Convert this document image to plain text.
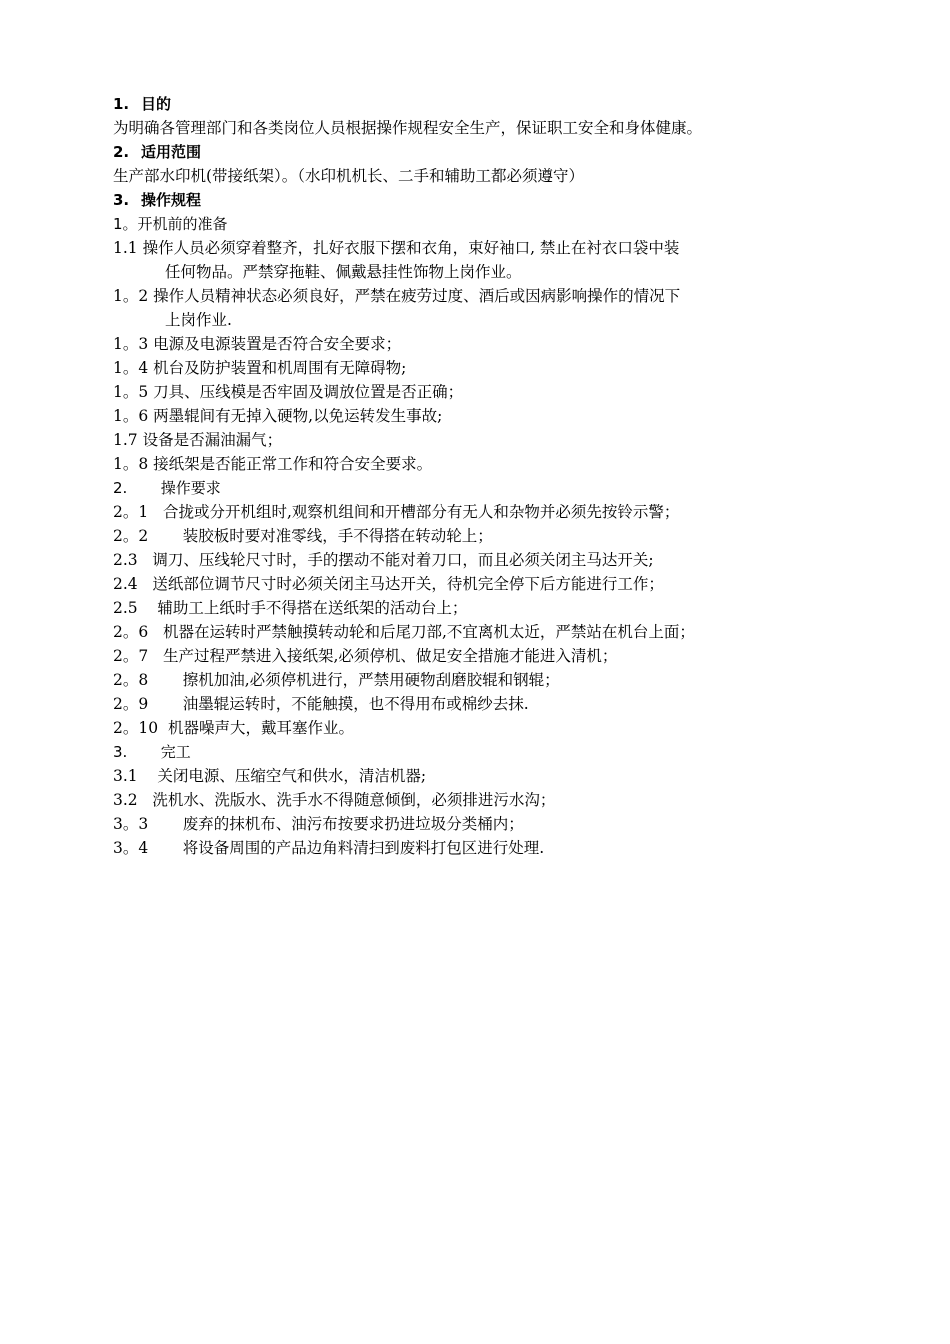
1. 目的
为明确各管理部门和各类岗位人员根据操作规程安全生产，保证职工安全和身体健康。
2. 适用范围
生产部水印机(带接纸架）。（水印机机长、二手和辅助工都必须遵守）
3. 操作规程
1。开机前的准备
1.1 操作人员必须穿着整齐，扎好衣服下摆和衣角，束好袖口, 禁止在衬衣口袋中装
任何物品。严禁穿拖鞋、佩戴悬挂性饰物上岗作业。
1。2 操作人员精神状态必须良好，严禁在疲劳过度、酒后或因病影响操作的情况下
上岗作业.
1。3 电源及电源装置是否符合安全要求；
1。4 机台及防护装置和机周围有无障碍物;
1。5 刀具、压线模是否牢固及调放位置是否正确；
1。6 两墨辊间有无掉入硬物,以免运转发生事故;
1.7 设备是否漏油漏气；
1。8 接纸架是否能正常工作和符合安全要求。
2.       操作要求
2。1   合拢或分开机组时,观察机组间和开槽部分有无人和杂物并必须先按铃示警；
2。2       装胶板时要对准零线，手不得搭在转动轮上；
2.3   调刀、压线轮尺寸时，手的摆动不能对着刀口，而且必须关闭主马达开关;
2.4   送纸部位调节尺寸时必须关闭主马达开关，待机完全停下后方能进行工作；
2.5    辅助工上纸时手不得搭在送纸架的活动台上；
2。6   机器在运转时严禁触摸转动轮和后尾刀部,不宜离机太近，严禁站在机台上面；
2。7   生产过程严禁进入接纸架,必须停机、做足安全措施才能进入清机；
2。8       擦机加油,必须停机进行，严禁用硬物刮磨胶辊和钢辊；
2。9       油墨辊运转时，不能触摸，也不得用布或棉纱去抹.
2。10  机器噪声大，戴耳塞作业。
3.       完工
3.1    关闭电源、压缩空气和供水，清洁机器;
3.2   洗机水、洗版水、洗手水不得随意倾倒，必须排进污水沟；
3。3       废弃的抹机布、油污布按要求扔进垃圾分类桶内；
3。4       将设备周围的产品边角料清扫到废料打包区进行处理.
